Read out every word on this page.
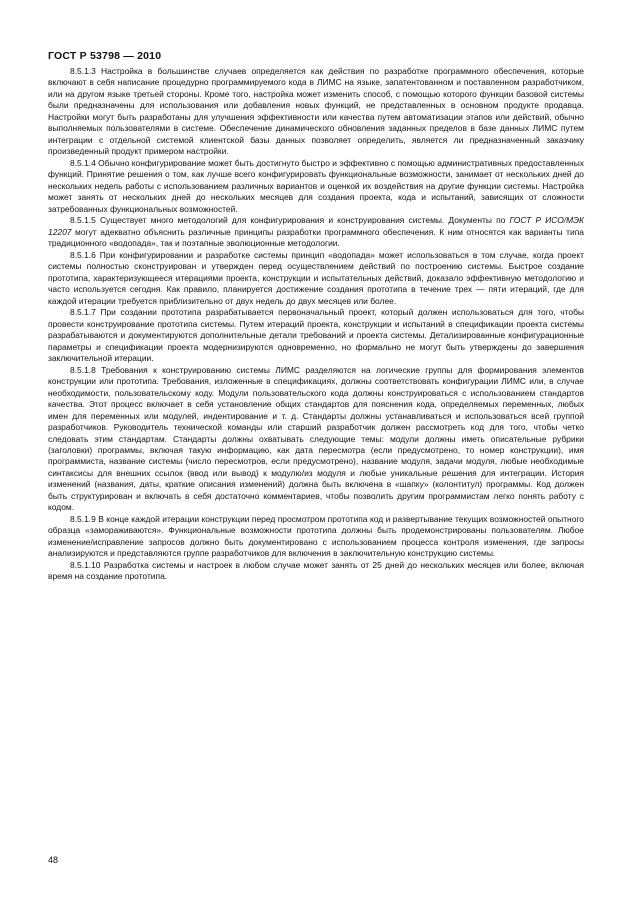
ГОСТ Р 53798 — 2010

8.5.1.3 Настройка в большинстве случаев определяется как действия по разработке программного обеспечения, которые включают в себя написание процедурно программируемого кода в ЛИМС на языке, запатентованном и поставленном разработчиком, или на другом языке третьей стороны. Кроме того, настройка может изменить способ, с помощью которого функции базовой системы были предназначены для использования или добавления новых функций, не представленных в основном продукте продавца. Настройки могут быть разработаны для улучшения эффективности или качества путем автоматизации этапов или действий, обычно выполняемых пользователями в системе. Обеспечение динамического обновления заданных пределов в базе данных ЛИМС путем интеграции с отдельной системой клиентской базы данных позволяет определить, является ли предназначенный заказчику произведенный продукт примером настройки.

8.5.1.4 Обычно конфигурирование может быть достигнуто быстро и эффективно с помощью административных предоставленных функций. Принятие решения о том, как лучше всего конфигурировать функциональные возможности, занимает от нескольких дней до нескольких недель работы с использованием различных вариантов и оценкой их воздействия на другие функции системы. Настройка может занять от нескольких дней до нескольких месяцев для создания проекта, кода и испытаний, зависящих от сложности затребованных функциональных возможностей.

8.5.1.5 Существует много методологий для конфигурирования и конструирования системы. Документы по ГОСТ Р ИСО/МЭК 12207 могут адекватно объяснить различные принципы разработки программного обеспечения. К ним относятся как варианты типа традиционного «водопада», так и поэтапные эволюционные методологии.

8.5.1.6 При конфигурировании и разработке системы принцип «водопада» может использоваться в том случае, когда проект системы полностью сконструирован и утвержден перед осуществлением действий по построению системы. Быстрое создание прототипа, характеризующееся итерациями проекта, конструкции и испытательных действий, доказало эффективную методологию и часто используется сегодня. Как правило, планируется достижение создания прототипа в течение трех — пяти итераций, где для каждой итерации требуется приблизительно от двух недель до двух месяцев или более.

8.5.1.7 При создании прототипа разрабатывается первоначальный проект, который должен использоваться для того, чтобы провести конструирование прототипа системы. Путем итераций проекта, конструкции и испытаний в спецификации проекта системы разрабатываются и документируются дополнительные детали требований и проекта системы. Детализированные конфигурационные параметры и спецификации проекта модернизируются одновременно, но формально не могут быть утверждены до завершения заключительной итерации.

8.5.1.8 Требования к конструированию системы ЛИМС разделяются на логические группы для формирования элементов конструкции или прототипа. Требования, изложенные в спецификациях, должны соответствовать конфигурации ЛИМС или, в случае необходимости, пользовательскому коду. Модули пользовательского кода должны конструироваться с использованием стандартов качества. Этот процесс включает в себя установление общих стандартов для пояснения кода, определяемых переменных, любых имен для переменных или модулей, индентирование и т. д. Стандарты должны устанавливаться и использоваться всей группой разработчиков. Руководитель технической команды или старший разработчик должен рассмотреть код для того, чтобы четко следовать этим стандартам. Стандарты должны охватывать следующие темы: модули должны иметь описательные рубрики (заголовки) программы, включая такую информацию, как дата пересмотра (если предусмотрено, то номер конструкции), имя программиста, название системы (число пересмотров, если предусмотрено), название модуля, задачи модуля, любые необходимые синтаксисы для внешних ссылок (ввод или вывод) к модулю/из модуля и любые уникальные решения для интеграции. История изменений (названия, даты, краткие описания изменений) должна быть включена в «шапку» (колонтитул) программы. Код должен быть структурирован и включать в себя достаточно комментариев, чтобы позволить другим программистам легко понять работу с кодом.

8.5.1.9 В конце каждой итерации конструкции перед просмотром прототипа код и развертывание текущих возможностей опытного образца «замораживаются». Функциональные возможности прототипа должны быть продемонстрированы пользователям. Любое изменение/исправление запросов должно быть документировано с использованием процесса контроля изменения, где запросы анализируются и представляются группе разработчиков для включения в заключительную конструкцию системы.

8.5.1.10 Разработка системы и настроек в любом случае может занять от 25 дней до нескольких месяцев или более, включая время на создание прототипа.

48
